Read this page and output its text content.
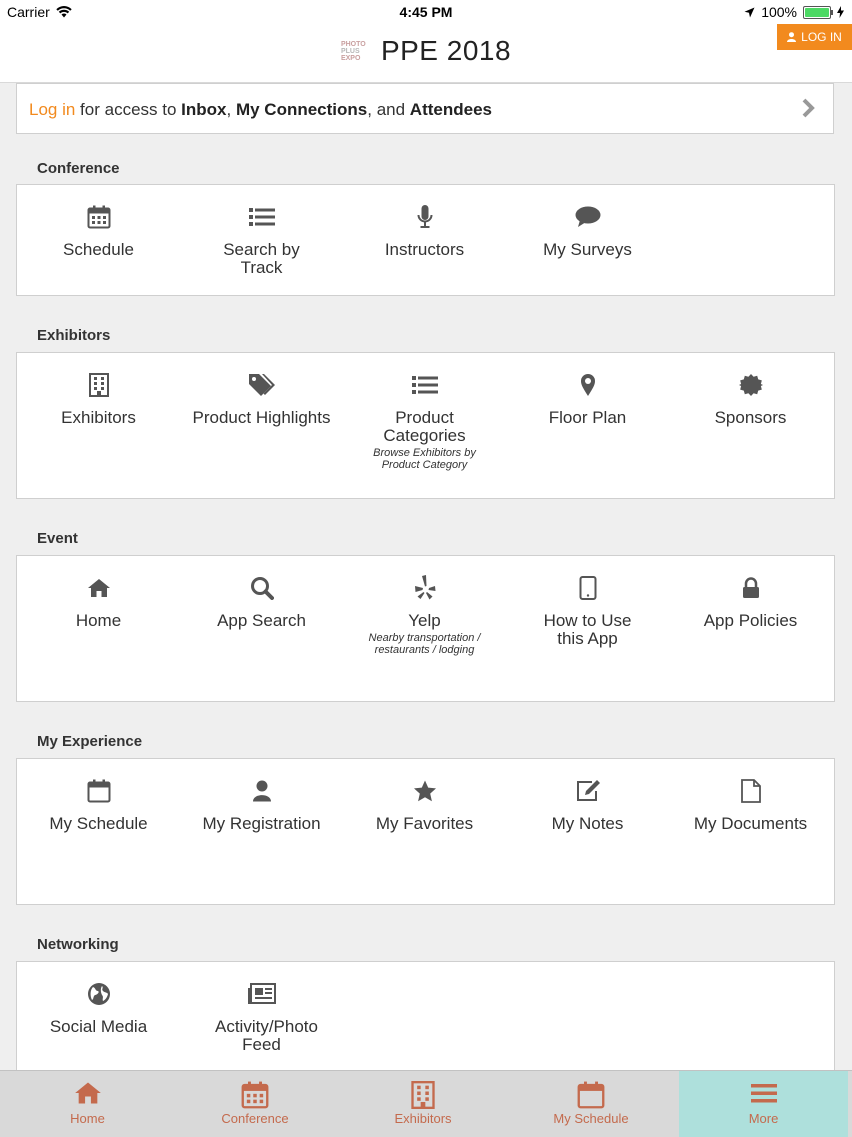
Carrier	4:45 PM	100%
PHOTO
PLUS
EXPO PPE 2018	LOG IN
Log in for access to Inbox, My Connections, and Attendees
Conference
Schedule	Search by Track
Instructors	My Surveys
Exhibitors
Exhibitors	Product Highlights	Product Categories
Browse Exhibitors by Product Category
Floor Plan	Sponsors
Event
Home	App Search	Yelp
Nearby transportation / restaurants / lodging
How to Use this App
App Policies
My Experience
My Schedule	My Registration	My Favorites	My Notes	My Documents
Networking
Social Media	Activity/Photo Feed
Home	Conference	Exhibitors	My Schedule	More
